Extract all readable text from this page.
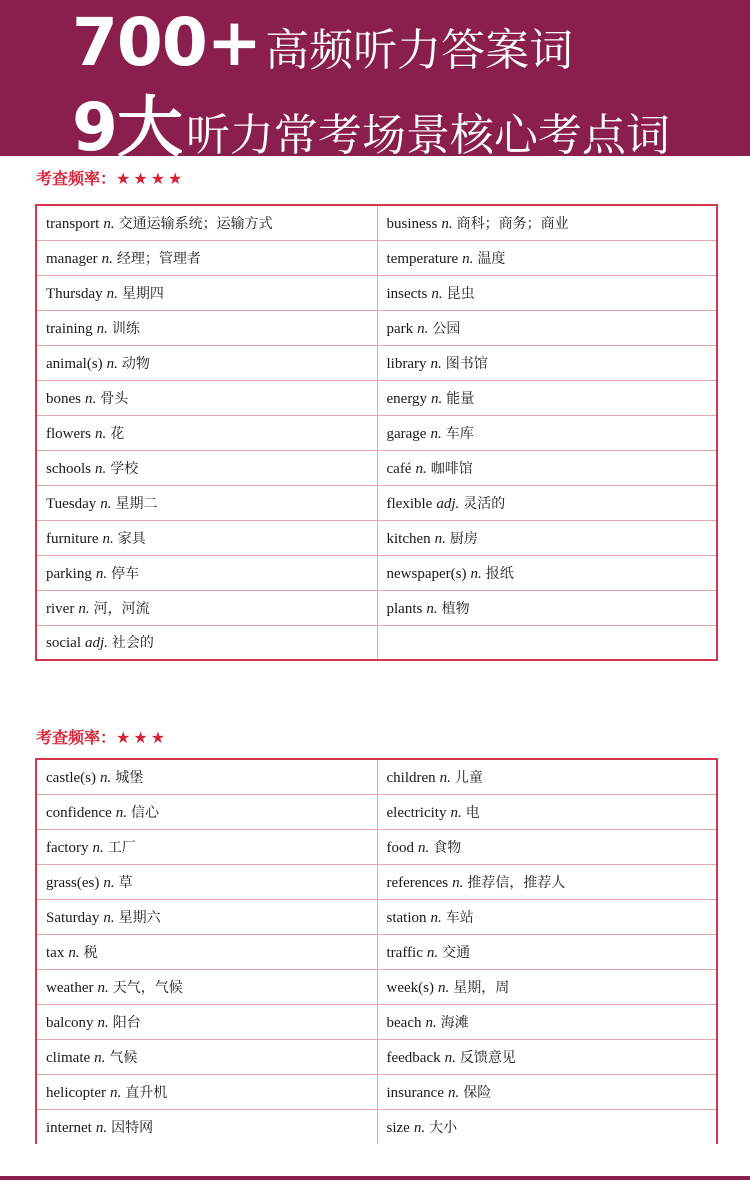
700+高频听力答案词
9大听力常考场景核心考点词
考查频率：★★★★
transport n. 交通运输系统；运输方式	business n. 商科；商务；商业
manager n. 经理；管理者	temperature n. 温度
Thursday n. 星期四	insects n. 昆虫
training n. 训练	park n. 公园
animal(s) n. 动物	library n. 图书馆
bones n. 骨头	energy n. 能量
flowers n. 花	garage n. 车库
schools n. 学校	café n. 咖啡馆
Tuesday n. 星期二	flexible adj. 灵活的
furniture n. 家具	kitchen n. 厨房
parking n. 停车	newspaper(s) n. 报纸
river n. 河，河流	plants n. 植物
social adj. 社会的	
考查频率：★★★
castle(s) n. 城堡	children n. 儿童
confidence n. 信心	electricity n. 电
factory n. 工厂	food n. 食物
grass(es) n. 草	references n. 推荐信，推荐人
Saturday n. 星期六	station n. 车站
tax n. 税	traffic n. 交通
weather n. 天气，气候	week(s) n. 星期，周
balcony n. 阳台	beach n. 海滩
climate n. 气候	feedback n. 反馈意见
helicopter n. 直升机	insurance n. 保险
internet n. 因特网	size n. 大小
